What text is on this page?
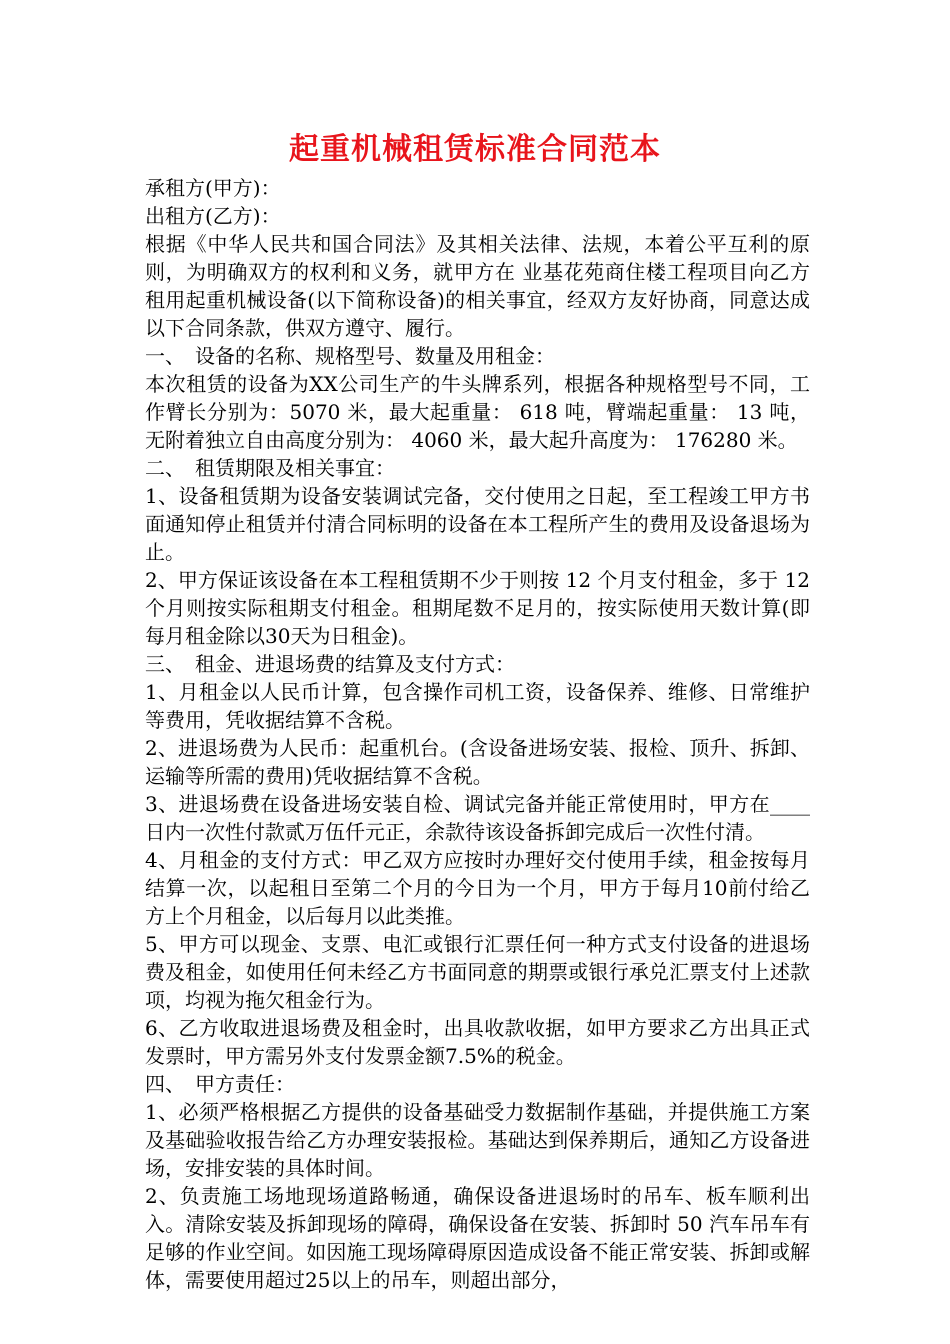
起重机械租赁标准合同范本

承租方(甲方)：

出租方(乙方)：

根据《中华人民共和国合同法》及其相关法律、法规，本着公平互利的原则，为明确双方的权利和义务，就甲方在 业基花苑商住楼工程项目向乙方租用起重机械设备(以下简称设备)的相关事宜，经双方友好协商，同意达成以下合同条款，供双方遵守、履行。

一、　设备的名称、规格型号、数量及用租金：

本次租赁的设备为XX公司生产的牛头牌系列，根据各种规格型号不同，工作臂长分别为：5070 米，最大起重量： 618 吨，臂端起重量： 13 吨，无附着独立自由高度分别为： 4060 米，最大起升高度为： 176280 米。

二、　租赁期限及相关事宜：

1、设备租赁期为设备安装调试完备，交付使用之日起，至工程竣工甲方书面通知停止租赁并付清合同标明的设备在本工程所产生的费用及设备退场为止。

2、甲方保证该设备在本工程租赁期不少于则按 12 个月支付租金，多于 12 个月则按实际租期支付租金。租期尾数不足月的，按实际使用天数计算(即每月租金除以30天为日租金)。

三、　租金、进退场费的结算及支付方式：

1、月租金以人民币计算，包含操作司机工资，设备保养、维修、日常维护等费用，凭收据结算不含税。

2、进退场费为人民币：起重机台。(含设备进场安装、报检、顶升、拆卸、运输等所需的费用)凭收据结算不含税。

3、进退场费在设备进场安装自检、调试完备并能正常使用时，甲方在____日内一次性付款贰万伍仟元正，余款待该设备拆卸完成后一次性付清。

4、月租金的支付方式：甲乙双方应按时办理好交付使用手续，租金按每月结算一次，以起租日至第二个月的今日为一个月，甲方于每月10前付给乙方上个月租金，以后每月以此类推。

5、甲方可以现金、支票、电汇或银行汇票任何一种方式支付设备的进退场费及租金，如使用任何未经乙方书面同意的期票或银行承兑汇票支付上述款项，均视为拖欠租金行为。

6、乙方收取进退场费及租金时，出具收款收据，如甲方要求乙方出具正式发票时，甲方需另外支付发票金额7.5%的税金。

四、　甲方责任：

1、必须严格根据乙方提供的设备基础受力数据制作基础，并提供施工方案及基础验收报告给乙方办理安装报检。基础达到保养期后，通知乙方设备进场，安排安装的具体时间。

2、负责施工场地现场道路畅通，确保设备进退场时的吊车、板车顺利出入。清除安装及拆卸现场的障碍，确保设备在安装、拆卸时 50 汽车吊车有足够的作业空间。如因施工现场障碍原因造成设备不能正常安装、拆卸或解体，需要使用超过25以上的吊车，则超出部分，
